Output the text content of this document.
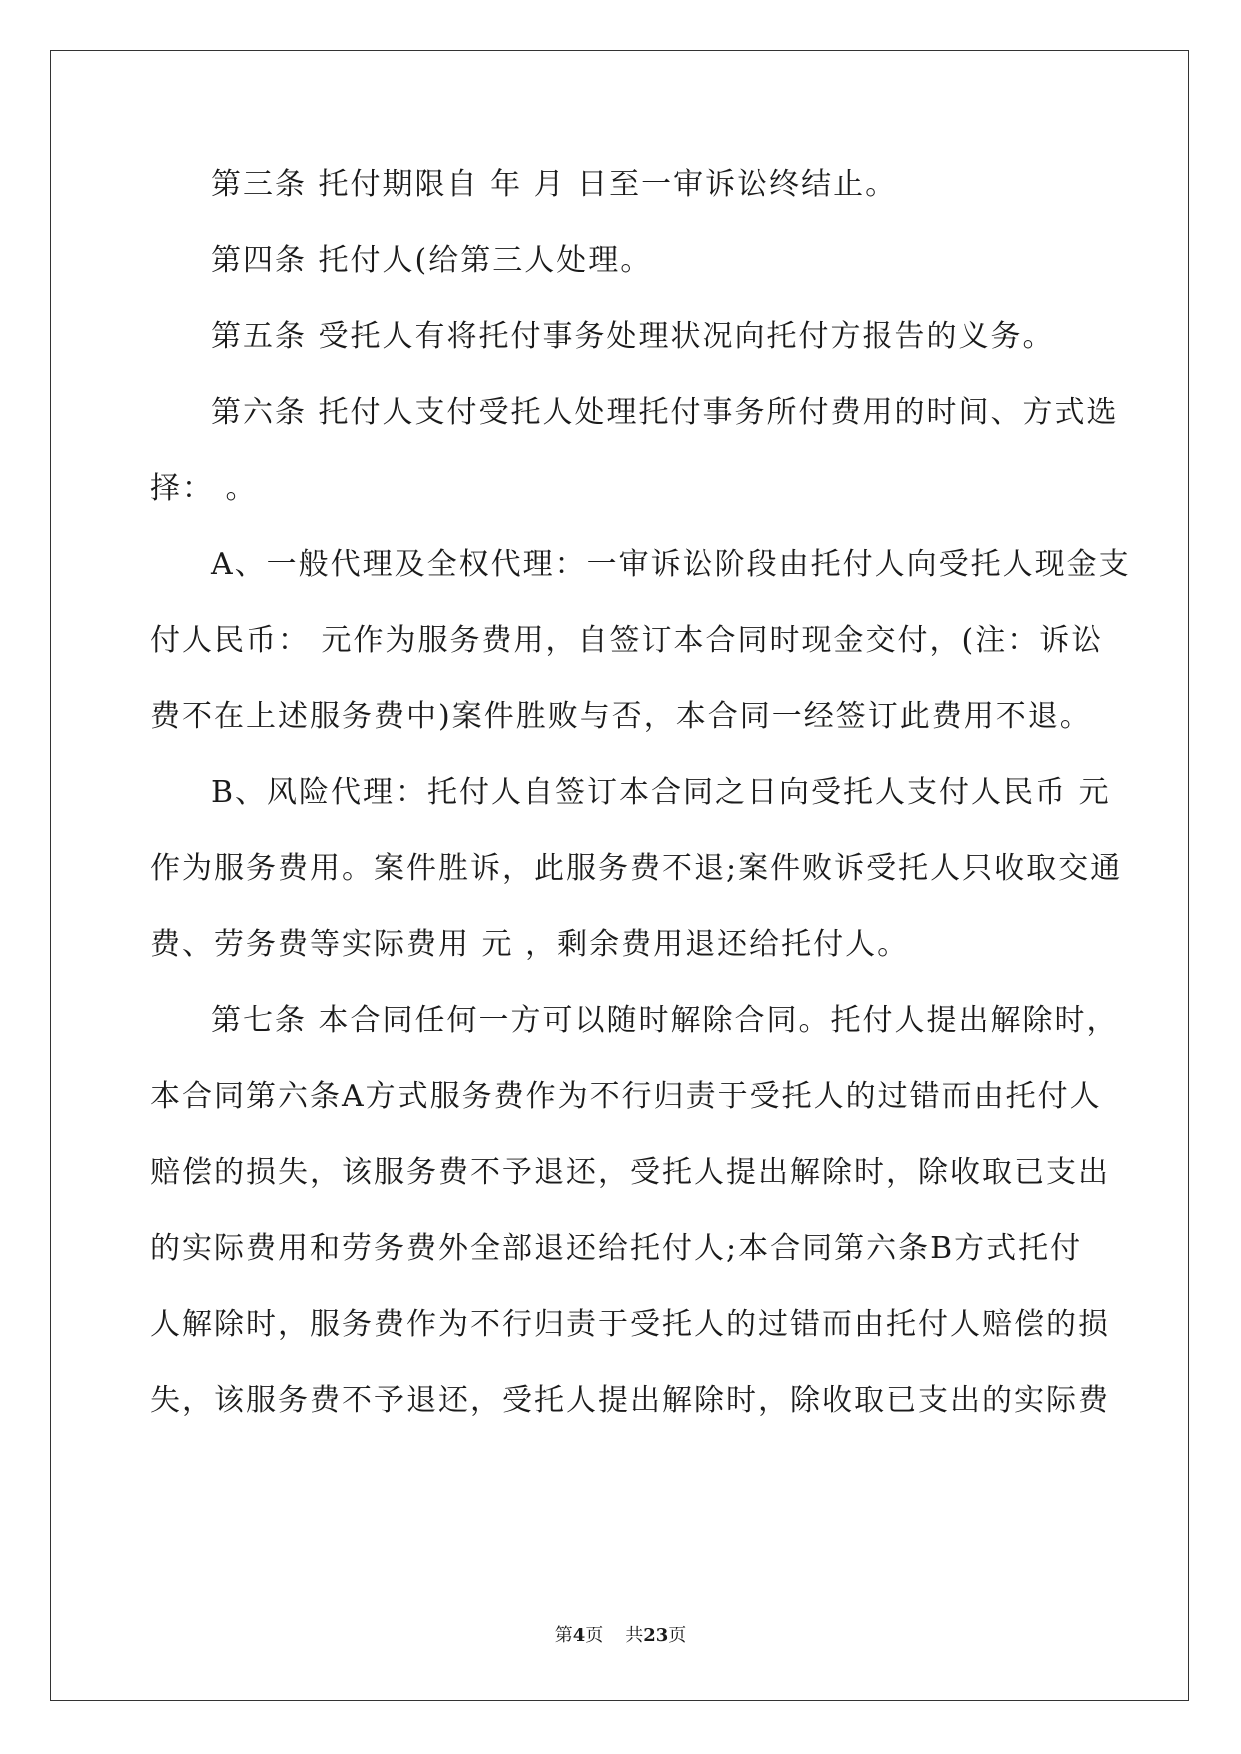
第三条 托付期限自 年 月 日至一审诉讼终结止。
第四条 托付人(给第三人处理。
第五条 受托人有将托付事务处理状况向托付方报告的义务。
第六条 托付人支付受托人处理托付事务所付费用的时间、方式选
择： 。
A、一般代理及全权代理：一审诉讼阶段由托付人向受托人现金支
付人民币： 元作为服务费用，自签订本合同时现金交付，(注：诉讼
费不在上述服务费中)案件胜败与否，本合同一经签订此费用不退。
B、风险代理：托付人自签订本合同之日向受托人支付人民币 元
作为服务费用。案件胜诉，此服务费不退;案件败诉受托人只收取交通
费、劳务费等实际费用 元 ，剩余费用退还给托付人。
第七条 本合同任何一方可以随时解除合同。托付人提出解除时，
本合同第六条A方式服务费作为不行归责于受托人的过错而由托付人
赔偿的损失，该服务费不予退还，受托人提出解除时，除收取已支出
的实际费用和劳务费外全部退还给托付人;本合同第六条B方式托付
人解除时，服务费作为不行归责于受托人的过错而由托付人赔偿的损
失，该服务费不予退还，受托人提出解除时，除收取已支出的实际费
第4页 共23页
